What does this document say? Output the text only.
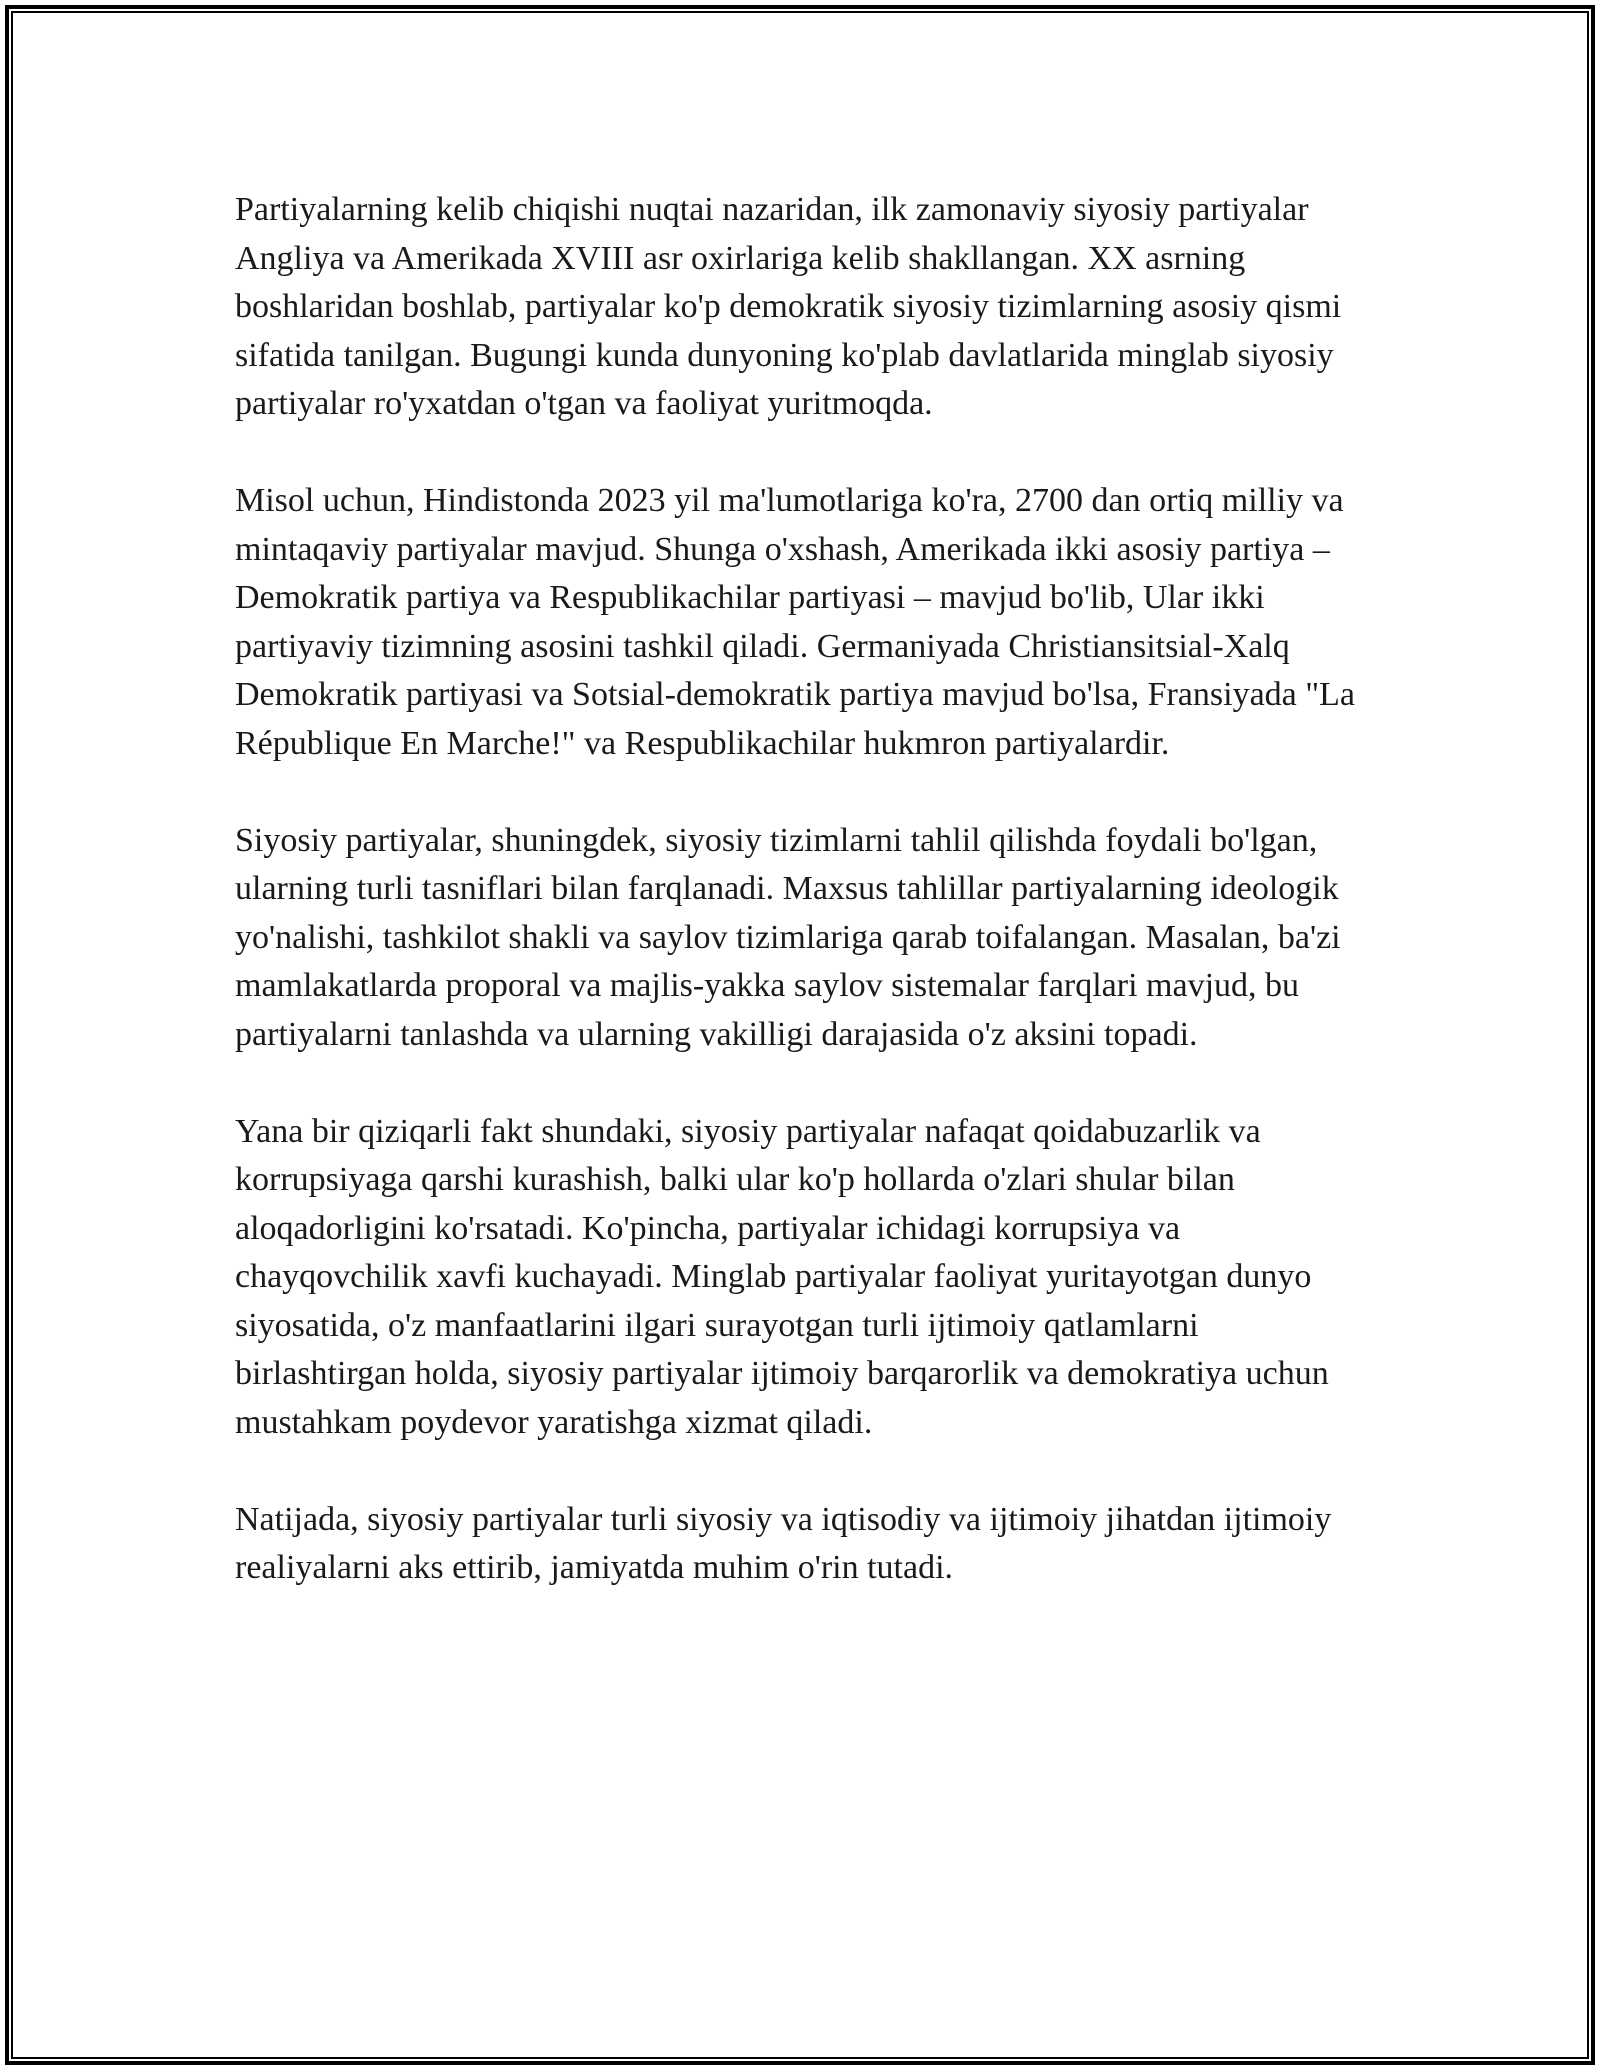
Partiyalarning kelib chiqishi nuqtai nazaridan, ilk zamonaviy siyosiy partiyalar Angliya va Amerikada XVIII asr oxirlariga kelib shakllangan. XX asrning boshlaridan boshlab, partiyalar ko'p demokratik siyosiy tizimlarning asosiy qismi sifatida tanilgan. Bugungi kunda dunyoning ko'plab davlatlarida minglab siyosiy partiyalar ro'yxatdan o'tgan va faoliyat yuritmoqda.

Misol uchun, Hindistonda 2023 yil ma'lumotlariga ko'ra, 2700 dan ortiq milliy va mintaqaviy partiyalar mavjud. Shunga o'xshash, Amerikada ikki asosiy partiya – Demokratik partiya va Respublikachilar partiyasi – mavjud bo'lib, Ular ikki partiyaviy tizimning asosini tashkil qiladi. Germaniyada Christiansitsial-Xalq Demokratik partiyasi va Sotsial-demokratik partiya mavjud bo'lsa, Fransiyada "La République En Marche!" va Respublikachilar hukmron partiyalardir.

Siyosiy partiyalar, shuningdek, siyosiy tizimlarni tahlil qilishda foydali bo'lgan, ularning turli tasniflari bilan farqlanadi. Maxsus tahlillar partiyalarning ideologik yo'nalishi, tashkilot shakli va saylov tizimlariga qarab toifalangan. Masalan, ba'zi mamlakatlarda proporal va majlis-yakka saylov sistemalar farqlari mavjud, bu partiyalarni tanlashda va ularning vakilligi darajasida o'z aksini topadi.

Yana bir qiziqarli fakt shundaki, siyosiy partiyalar nafaqat qoidabuzarlik va korrupsiyaga qarshi kurashish, balki ular ko'p hollarda o'zlari shular bilan aloqadorligini ko'rsatadi. Ko'pincha, partiyalar ichidagi korrupsiya va chayqovchilik xavfi kuchayadi. Minglab partiyalar faoliyat yuritayotgan dunyo siyosatida, o'z manfaatlarini ilgari surayotgan turli ijtimoiy qatlamlarni birlashtirgan holda, siyosiy partiyalar ijtimoiy barqarorlik va demokratiya uchun mustahkam poydevor yaratishga xizmat qiladi.

Natijada, siyosiy partiyalar turli siyosiy va iqtisodiy va ijtimoiy jihatdan ijtimoiy realiyalarni aks ettirib, jamiyatda muhim o'rin tutadi.
